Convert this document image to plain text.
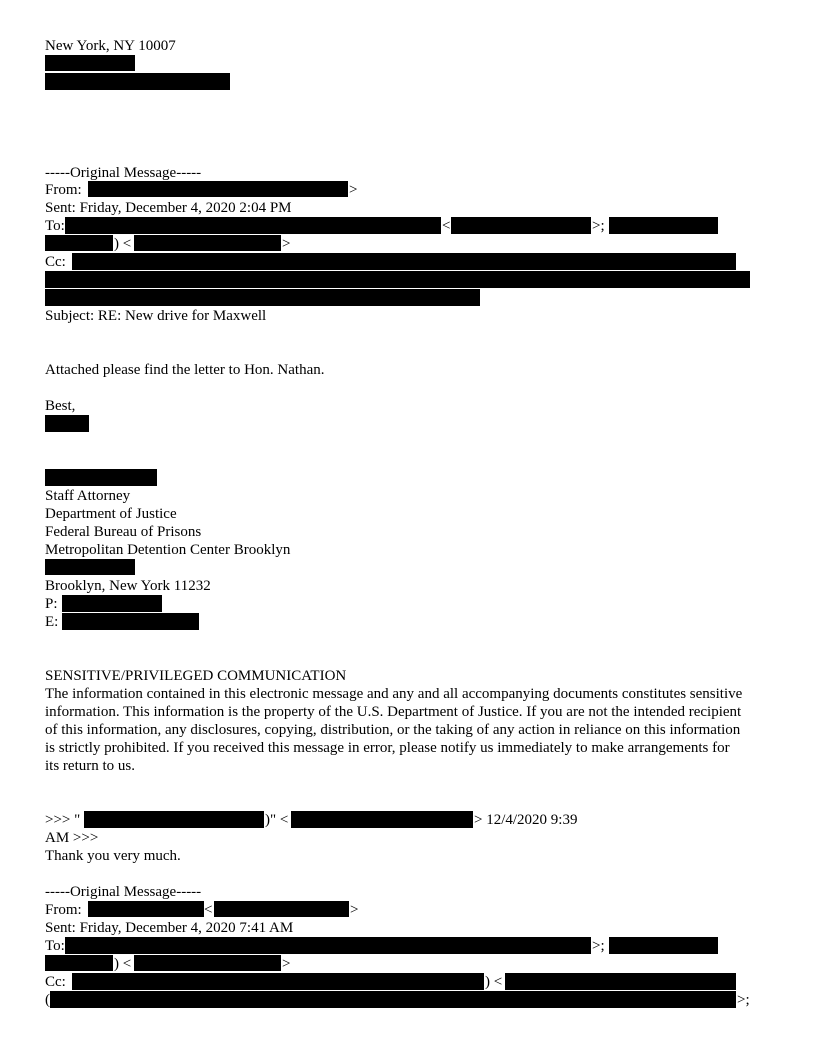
New York, NY 10007
-----Original Message-----
From:	>
Sent: Friday, December 4, 2020 2:04 PM
To:	<	>;
) <	>
Cc:
Subject: RE: New drive for Maxwell
Attached please find the letter to Hon. Nathan.
Best,
Staff Attorney
Department of Justice
Federal Bureau of Prisons
Metropolitan Detention Center Brooklyn
Brooklyn, New York 11232
P:
E:
SENSITIVE/PRIVILEGED COMMUNICATION
The information contained in this electronic message and any and all accompanying documents constitutes sensitive information. This information is the property of the U.S. Department of Justice. If you are not the intended recipient of this information, any disclosures, copying, distribution, or the taking of any action in reliance on this information is strictly prohibited. If you received this message in error, please notify us immediately to make arrangements for its return to us.
>>> "	)" <	> 12/4/2020 9:39
AM >>>
Thank you very much.
-----Original Message-----
From:	<	>
Sent: Friday, December 4, 2020 7:41 AM
To:	>;
) <	>
Cc:	) <
(	>;
